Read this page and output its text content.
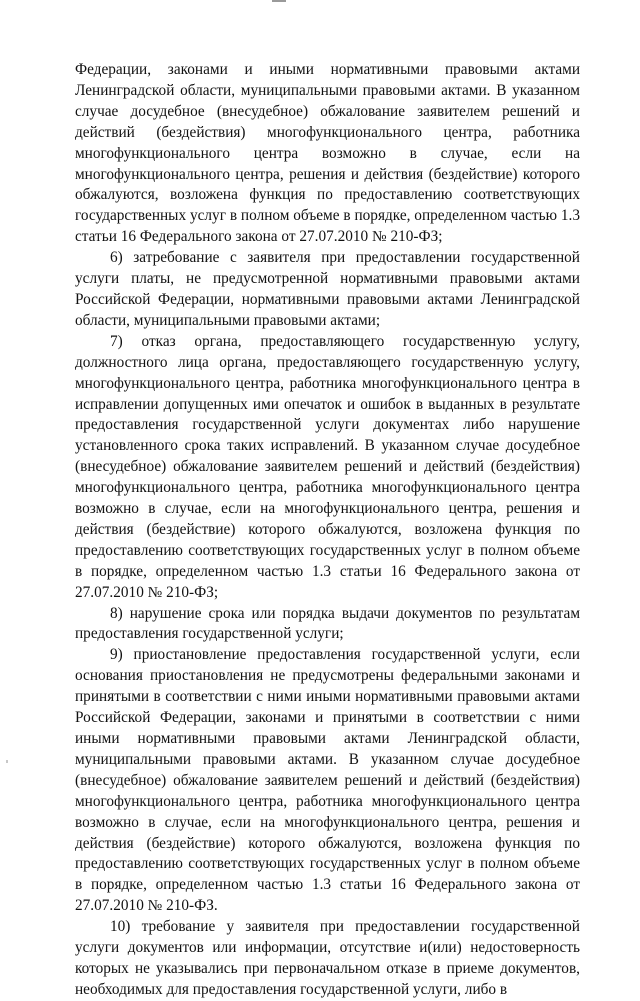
Федерации, законами и иными нормативными правовыми актами Ленинградской области, муниципальными правовыми актами. В указанном случае досудебное (внесудебное) обжалование заявителем решений и действий (бездействия) многофункционального центра, работника многофункционального центра возможно в случае, если на многофункционального центра, решения и действия (бездействие) которого обжалуются, возложена функция по предоставлению соответствующих государственных услуг в полном объеме в порядке, определенном частью 1.3 статьи 16 Федерального закона от 27.07.2010 № 210-ФЗ;

6) затребование с заявителя при предоставлении государственной услуги платы, не предусмотренной нормативными правовыми актами Российской Федерации, нормативными правовыми актами Ленинградской области, муниципальными правовыми актами;

7) отказ органа, предоставляющего государственную услугу, должностного лица органа, предоставляющего государственную услугу, многофункционального центра, работника многофункционального центра в исправлении допущенных ими опечаток и ошибок в выданных в результате предоставления государственной услуги документах либо нарушение установленного срока таких исправлений. В указанном случае досудебное (внесудебное) обжалование заявителем решений и действий (бездействия) многофункционального центра, работника многофункционального центра возможно в случае, если на многофункционального центра, решения и действия (бездействие) которого обжалуются, возложена функция по предоставлению соответствующих государственных услуг в полном объеме в порядке, определенном частью 1.3 статьи 16 Федерального закона от 27.07.2010 № 210-ФЗ;

8) нарушение срока или порядка выдачи документов по результатам предоставления государственной услуги;

9) приостановление предоставления государственной услуги, если основания приостановления не предусмотрены федеральными законами и принятыми в соответствии с ними иными нормативными правовыми актами Российской Федерации, законами и принятыми в соответствии с ними иными нормативными правовыми актами Ленинградской области, муниципальными правовыми актами. В указанном случае досудебное (внесудебное) обжалование заявителем решений и действий (бездействия) многофункционального центра, работника многофункционального центра возможно в случае, если на многофункционального центра, решения и действия (бездействие) которого обжалуются, возложена функция по предоставлению соответствующих государственных услуг в полном объеме в порядке, определенном частью 1.3 статьи 16 Федерального закона от 27.07.2010 № 210-ФЗ.

10) требование у заявителя при предоставлении государственной услуги документов или информации, отсутствие и(или) недостоверность которых не указывались при первоначальном отказе в приеме документов, необходимых для предоставления государственной услуги, либо в
